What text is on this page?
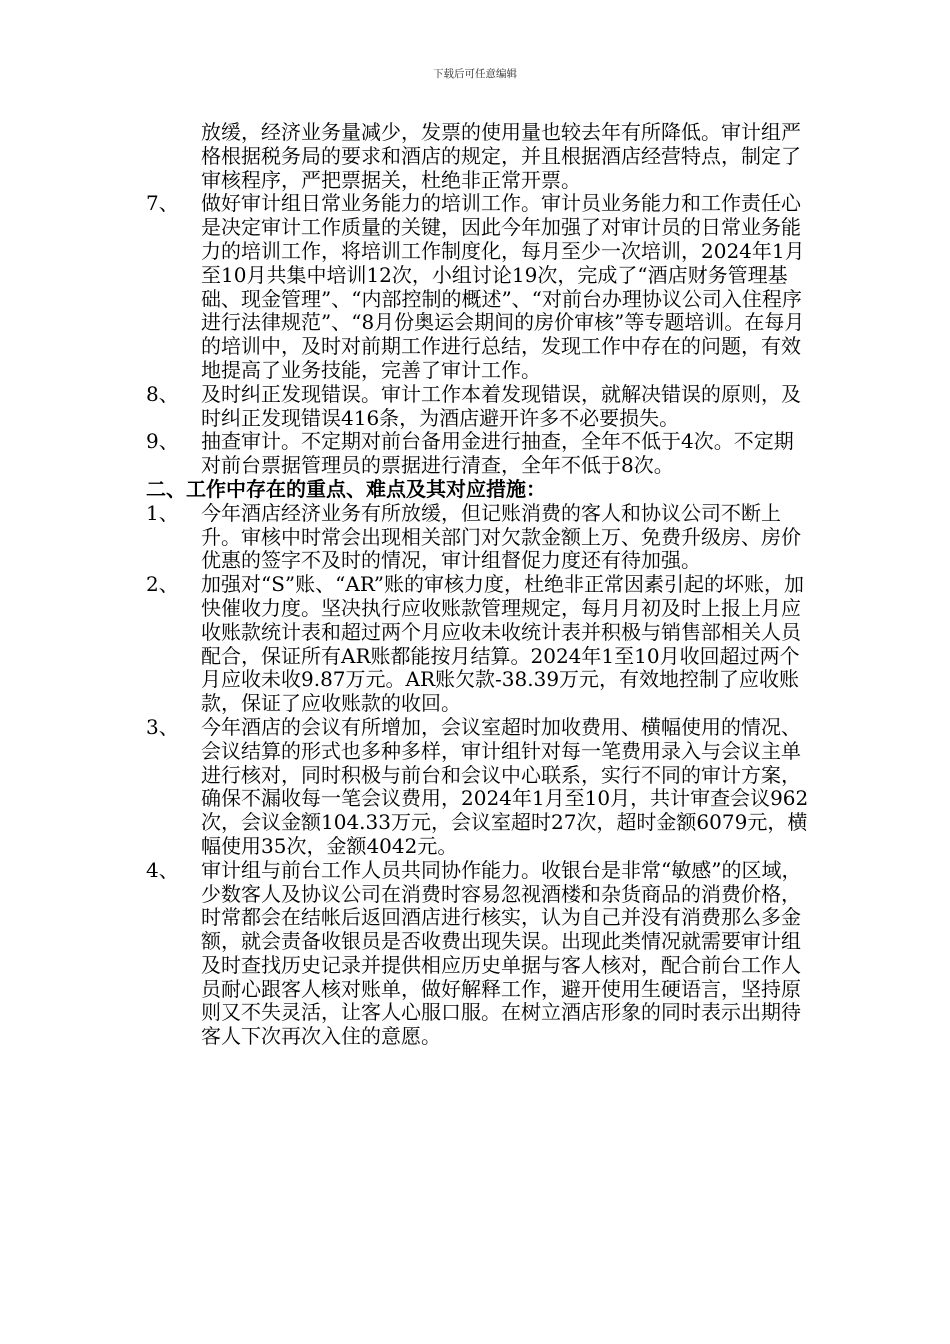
下载后可任意编辑

放缓，经济业务量减少，发票的使用量也较去年有所降低。审计组严格根据税务局的要求和酒店的规定，并且根据酒店经营特点，制定了审核程序，严把票据关，杜绝非正常开票。

7、 做好审计组日常业务能力的培训工作。审计员业务能力和工作责任心是决定审计工作质量的关键，因此今年加强了对审计员的日常业务能力的培训工作，将培训工作制度化，每月至少一次培训，2024年1月至10月共集中培训12次，小组讨论19次，完成了“酒店财务管理基础、现金管理”、“内部控制的概述”、“对前台办理协议公司入住程序进行法律规范”、“8月份奥运会期间的房价审核”等专题培训。在每月的培训中，及时对前期工作进行总结，发现工作中存在的问题，有效地提高了业务技能，完善了审计工作。
8、 及时纠正发现错误。审计工作本着发现错误，就解决错误的原则，及时纠正发现错误416条，为酒店避开许多不必要损失。
9、 抽查审计。不定期对前台备用金进行抽查，全年不低于4次。不定期对前台票据管理员的票据进行清查，全年不低于8次。

二、工作中存在的重点、难点及其对应措施：

1、 今年酒店经济业务有所放缓，但记账消费的客人和协议公司不断上升。审核中时常会出现相关部门对欠款金额上万、免费升级房、房价优惠的签字不及时的情况，审计组督促力度还有待加强。
2、 加强对“S”账、“AR”账的审核力度，杜绝非正常因素引起的坏账，加快催收力度。坚决执行应收账款管理规定，每月月初及时上报上月应收账款统计表和超过两个月应收未收统计表并积极与销售部相关人员配合，保证所有AR账都能按月结算。2024年1至10月收回超过两个月应收未收9.87万元。AR账欠款-38.39万元，有效地控制了应收账款，保证了应收账款的收回。
3、 今年酒店的会议有所增加，会议室超时加收费用、横幅使用的情况、会议结算的形式也多种多样，审计组针对每一笔费用录入与会议主单进行核对，同时积极与前台和会议中心联系，实行不同的审计方案，确保不漏收每一笔会议费用，2024年1月至10月，共计审查会议962次，会议金额104.33万元，会议室超时27次，超时金额6079元，横幅使用35次，金额4042元。
4、 审计组与前台工作人员共同协作能力。收银台是非常“敏感”的区域，少数客人及协议公司在消费时容易忽视酒楼和杂货商品的消费价格，时常都会在结帐后返回酒店进行核实，认为自己并没有消费那么多金额，就会责备收银员是否收费出现失误。出现此类情况就需要审计组及时查找历史记录并提供相应历史单据与客人核对，配合前台工作人员耐心跟客人核对账单，做好解释工作，避开使用生硬语言，坚持原则又不失灵活，让客人心服口服。在树立酒店形象的同时表示出期待客人下次再次入住的意愿。
